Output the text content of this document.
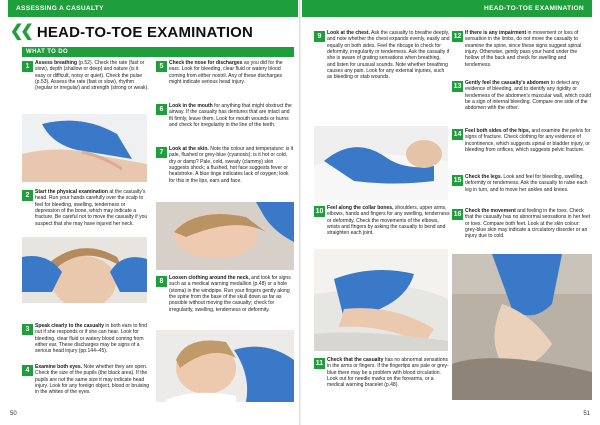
ASSESSING A CASUALTY
❮❮ HEAD-TO-TOE EXAMINATION
WHAT TO DO
1	Assess breathing (p.52). Check the rate (fast or slow), depth (shallow or deep) and nature (is it easy or difficult, noisy or quiet). Check the pulse (p.53). Assess the rate (fast or slow), rhythm (regular or irregular) and strength (strong or weak).
2	Start the physical examination at the casualty's head. Run your hands carefully over the scalp to feel for bleeding, swelling, tenderness or depression of the bone, which may indicate a fracture. Be careful not to move the casualty if you suspect that she may have injured her neck.
3	Speak clearly to the casualty in both ears to find out if she responds or if she can hear. Look for bleeding, clear fluid or watery blood coming from either ear. These discharges may be signs of a serious head injury (pp.144–45).
4	Examine both eyes. Note whether they are open. Check the size of the pupils (the black area). If the pupils are not the same size it may indicate head injury. Look for any foreign object, blood or bruising in the whites of the eyes.
5	Check the nose for discharges as you did for the ears. Look for bleeding, clear fluid or watery blood coming from either nostril. Any of these discharges might indicate serious head injury.
6	Look in the mouth for anything that might obstruct the airway. If the casualty has dentures that are intact and fit firmly, leave them. Look for mouth wounds or burns and check for irregularity in the line of the teeth.
7	Look at the skin. Note the colour and temperature: is it pale, flushed or grey-blue (cyanosis); is it hot or cold, dry or damp? Pale, cold, sweaty (clammy) skin suggests shock; a flushed, hot face suggests fever or heatstroke. A blue tinge indicates lack of oxygen; look for this in the lips, ears and face.
8	Loosen clothing around the neck, and look for signs such as a medical warning medallion (p.48) or a hole (stoma) in the windpipe. Run your fingers gently along the spine from the base of the skull down as far as possible without moving the casualty; check for irregularity, swelling, tenderness or deformity.
50
HEAD-TO-TOE EXAMINATION
9	Look at the chest. Ask the casualty to breathe deeply, and note whether the chest expands evenly, easily and equally on both sides. Feel the ribcage to check for deformity, irregularity or tenderness. Ask the casualty if she is aware of grating sensations when breathing, and listen for unusual sounds. Note whether breathing causes any pain. Look for any external injuries, such as bleeding or stab wounds.
10 Feel along the collar bones, shoulders, upper arms, elbows, hands and fingers for any swelling, tenderness or deformity. Check the movements of the elbows, wrists and fingers by asking the casualty to bend and straighten each joint.
11 Check that the casualty has no abnormal sensations in the arms or fingers. If the fingertips are pale or grey-blue there may be a problem with blood circulation. Look out for needle marks on the forearms, or a medical warning bracelet (p.48).
12 If there is any impairment in movement or loss of sensation in the limbs, do not move the casualty to examine the spine, since these signs suggest spinal injury. Otherwise, gently pass your hand under the hollow of the back and check for swelling and tenderness.
13 Gently feel the casualty's abdomen to detect any evidence of bleeding, and to identify any rigidity or tenderness of the abdomen's muscular wall, which could be a sign of internal bleeding. Compare one side of the abdomen with the other.
14 Feel both sides of the hips, and examine the pelvis for signs of fracture. Check clothing for any evidence of incontinence, which suggests spinal or bladder injury, or bleeding from orifices, which suggests pelvic fracture.
15 Check the legs. Look and feel for bleeding, swelling, deformity or tenderness. Ask the casualty to raise each leg in turn, and to move her ankles and knees.
16 Check the movement and feeling in the toes. Check that the casualty has no abnormal sensations in her feet or toes. Compare both feet. Look at the skin colour: grey-blue skin may indicate a circulatory disorder or an injury due to cold.
51
